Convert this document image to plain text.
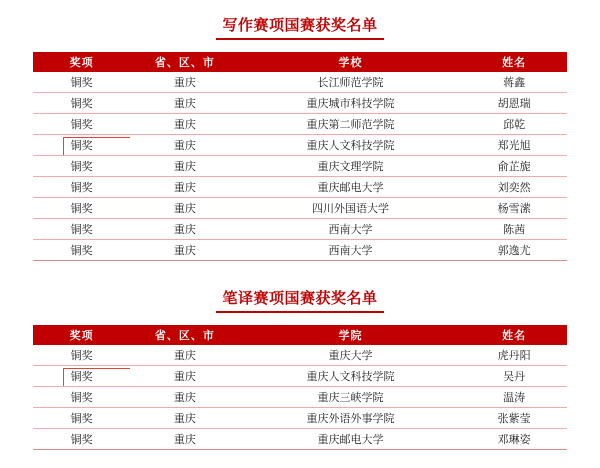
写作赛项国赛获奖名单
奖项	省、区、市	学校	姓名
铜奖	重庆	长江师范学院	蒋鑫
铜奖	重庆	重庆城市科技学院	胡恩瑞
铜奖	重庆	重庆第二师范学院	邱乾
铜奖	重庆	重庆人文科技学院	郑光旭
铜奖	重庆	重庆文理学院	俞芷旎
铜奖	重庆	重庆邮电大学	刘奕然
铜奖	重庆	四川外国语大学	杨雪潆
铜奖	重庆	西南大学	陈茜
铜奖	重庆	西南大学	郭逸尤
笔译赛项国赛获奖名单
奖项	省、区、市	学院	姓名
铜奖	重庆	重庆大学	虎丹阳
铜奖	重庆	重庆人文科技学院	吴丹
铜奖	重庆	重庆三峡学院	温涛
铜奖	重庆	重庆外语外事学院	张紫莹
铜奖	重庆	重庆邮电大学	邓琳姿
